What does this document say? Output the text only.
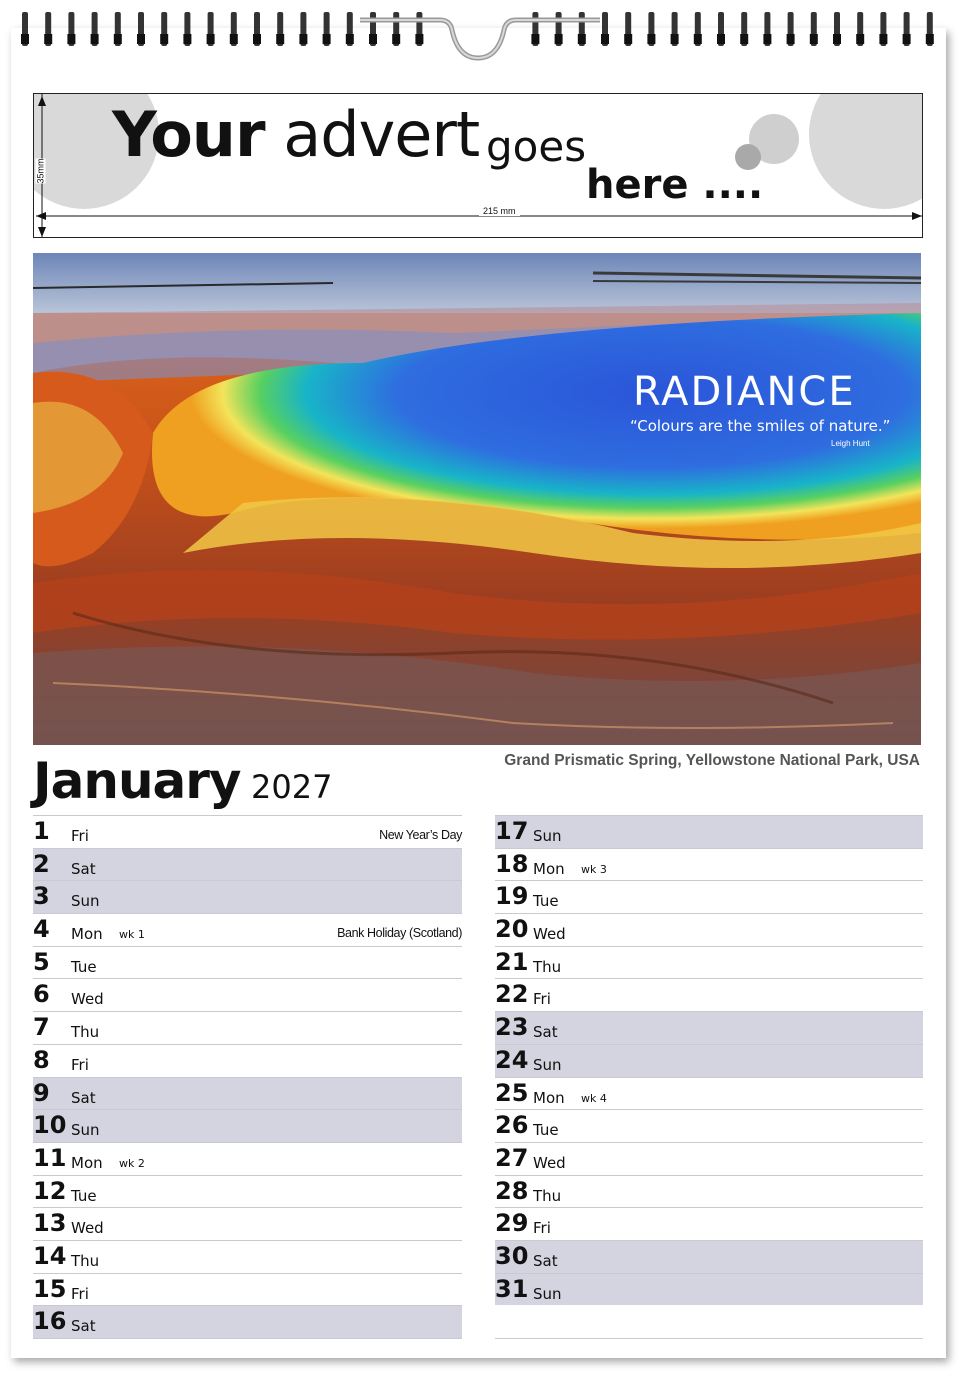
Your advert goes
here ....
215 mm
35mm
RADIANCE
“Colours are the smiles of nature.”
Leigh Hunt
Grand Prismatic Spring, Yellowstone National Park, USA
January 2027
1 Fri	New Year’s Day
2 Sat
3 Sun
4 Mon wk 1	Bank Holiday (Scotland)
5 Tue
6 Wed
7 Thu
8 Fri
9 Sat
10 Sun
11 Mon wk 2
12 Tue
13 Wed
14 Thu
15 Fri
16 Sat
17 Sun
18 Mon wk 3
19 Tue
20 Wed
21 Thu
22 Fri
23 Sat
24 Sun
25 Mon wk 4
26 Tue
27 Wed
28 Thu
29 Fri
30 Sat
31 Sun
